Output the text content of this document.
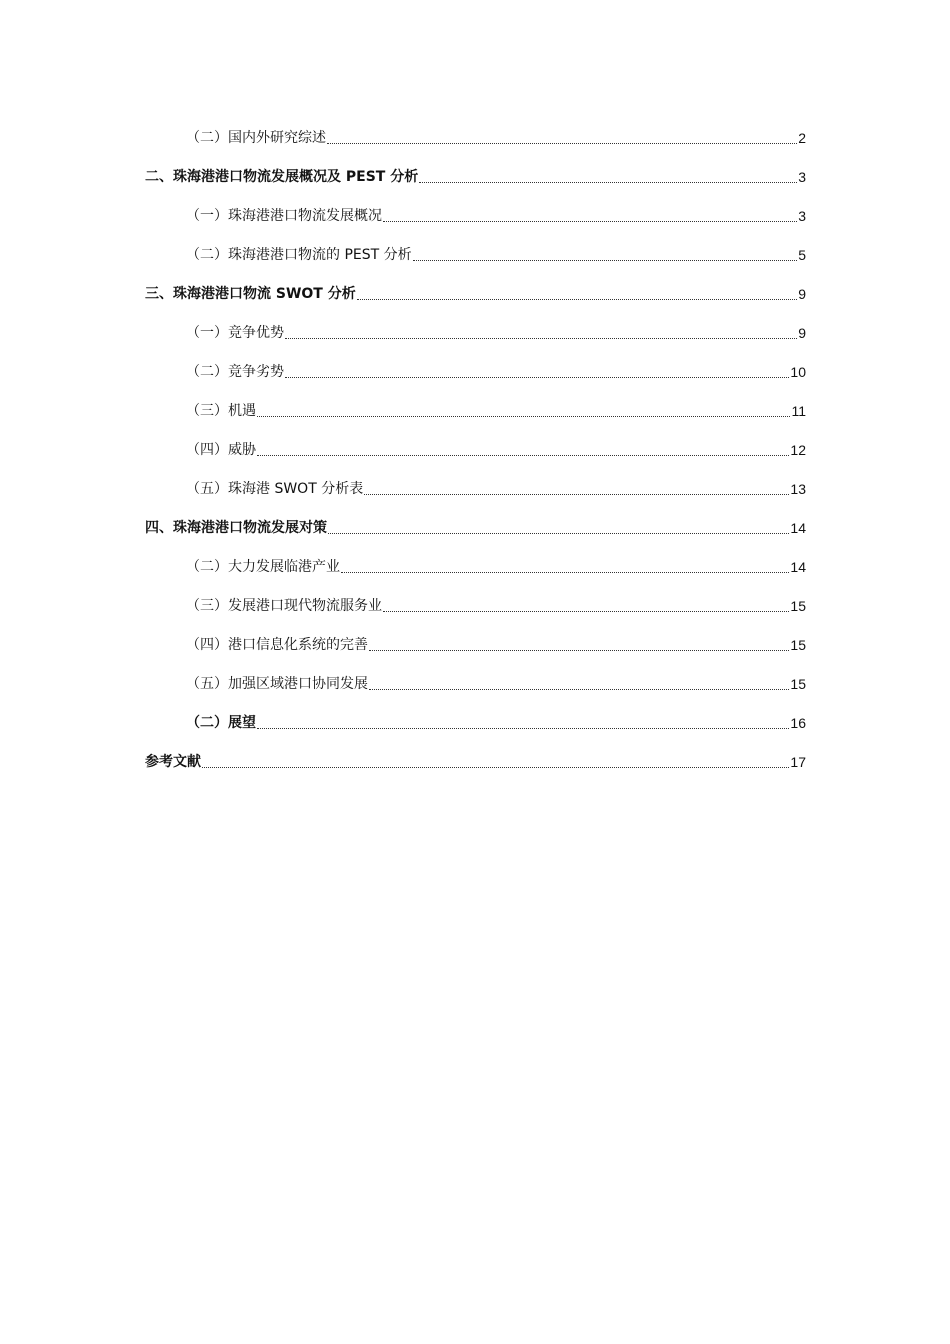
（二）国内外研究综述	2
二、珠海港港口物流发展概况及 PEST 分析	3
（一）珠海港港口物流发展概况	3
（二）珠海港港口物流的 PEST 分析	5
三、珠海港港口物流 SWOT 分析	9
（一）竞争优势	9
（二）竞争劣势	10
（三）机遇	11
（四）威胁	12
（五）珠海港 SWOT 分析表	13
四、珠海港港口物流发展对策	14
（二）大力发展临港产业	14
（三）发展港口现代物流服务业	15
（四）港口信息化系统的完善	15
（五）加强区域港口协同发展	15
（二）展望	16
参考文献	17
